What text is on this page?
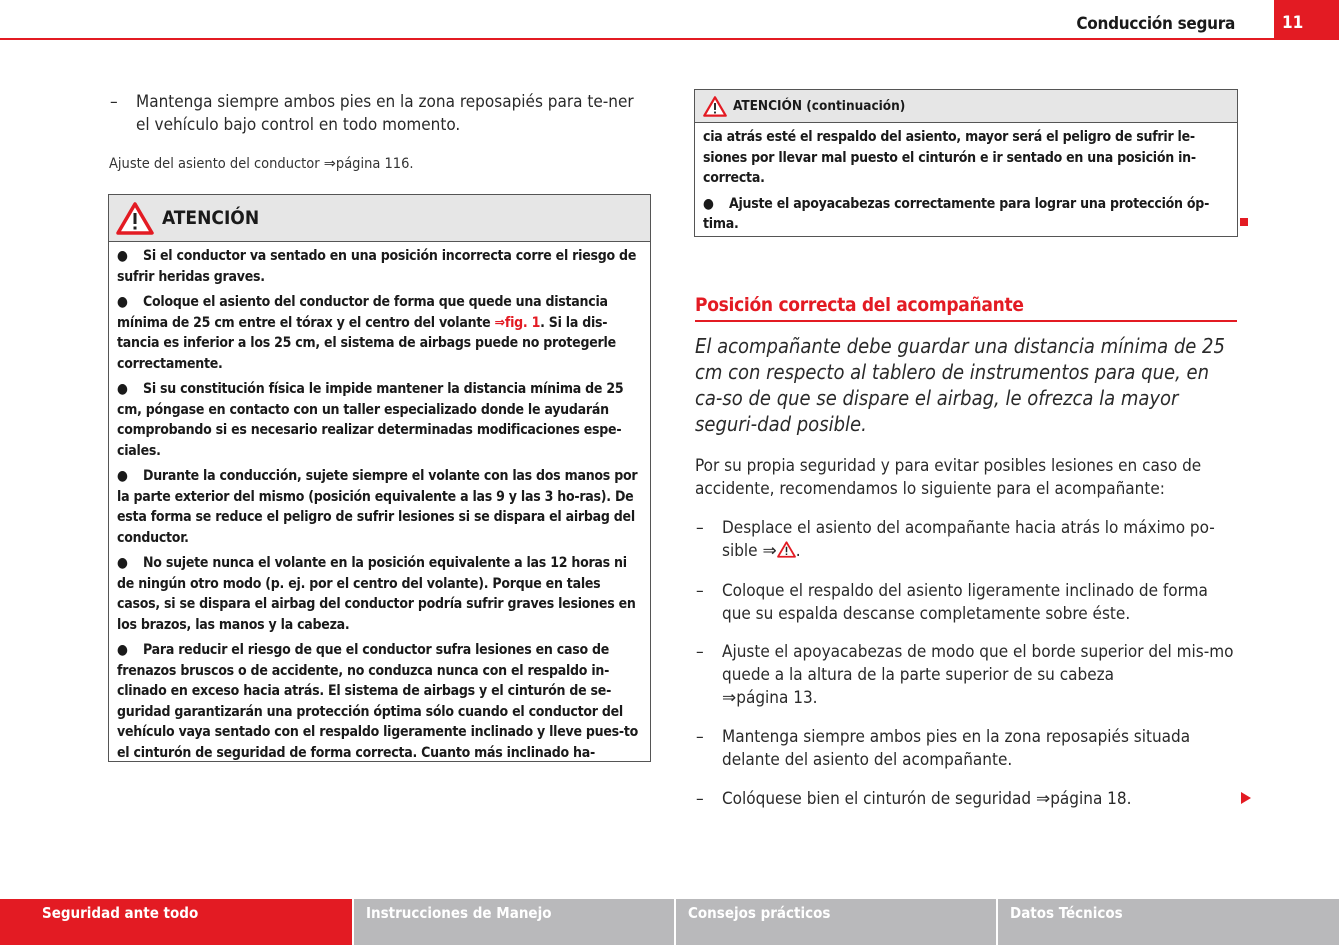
Conducción segura	11
– Mantenga siempre ambos pies en la zona reposapiés para te-ner el vehículo bajo control en todo momento.
Ajuste del asiento del conductor ⇒página 116.
ATENCIÓN

● Si el conductor va sentado en una posición incorrecta corre el riesgo de sufrir heridas graves.

● Coloque el asiento del conductor de forma que quede una distancia mínima de 25 cm entre el tórax y el centro del volante ⇒fig. 1. Si la dis-tancia es inferior a los 25 cm, el sistema de airbags puede no protegerle correctamente.

● Si su constitución física le impide mantener la distancia mínima de 25 cm, póngase en contacto con un taller especializado donde le ayudarán comprobando si es necesario realizar determinadas modificaciones espe-ciales.

● Durante la conducción, sujete siempre el volante con las dos manos por la parte exterior del mismo (posición equivalente a las 9 y las 3 ho-ras). De esta forma se reduce el peligro de sufrir lesiones si se dispara el airbag del conductor.

● No sujete nunca el volante en la posición equivalente a las 12 horas ni de ningún otro modo (p. ej. por el centro del volante). Porque en tales casos, si se dispara el airbag del conductor podría sufrir graves lesiones en los brazos, las manos y la cabeza.

● Para reducir el riesgo de que el conductor sufra lesiones en caso de frenazos bruscos o de accidente, no conduzca nunca con el respaldo in-clinado en exceso hacia atrás. El sistema de airbags y el cinturón de se-guridad garantizarán una protección óptima sólo cuando el conductor del vehículo vaya sentado con el respaldo ligeramente inclinado y lleve pues-to el cinturón de seguridad de forma correcta. Cuanto más inclinado ha-

ATENCIÓN (continuación)

cia atrás esté el respaldo del asiento, mayor será el peligro de sufrir le-siones por llevar mal puesto el cinturón e ir sentado en una posición in-correcta.

● Ajuste el apoyacabezas correctamente para lograr una protección óp-tima.

Posición correcta del acompañante
El acompañante debe guardar una distancia mínima de 25 cm con respecto al tablero de instrumentos para que, en ca-so de que se dispare el airbag, le ofrezca la mayor seguri-dad posible.
Por su propia seguridad y para evitar posibles lesiones en caso de accidente, recomendamos lo siguiente para el acompañante:
– Desplace el asiento del acompañante hacia atrás lo máximo po-sible ⇒ .
– Coloque el respaldo del asiento ligeramente inclinado de forma que su espalda descanse completamente sobre éste.
– Ajuste el apoyacabezas de modo que el borde superior del mis-mo quede a la altura de la parte superior de su cabeza
⇒página 13.
– Mantenga siempre ambos pies en la zona reposapiés situada delante del asiento del acompañante.
– Colóquese bien el cinturón de seguridad ⇒página 18.
Seguridad ante todo	Instrucciones de Manejo	Consejos prácticos	Datos Técnicos
